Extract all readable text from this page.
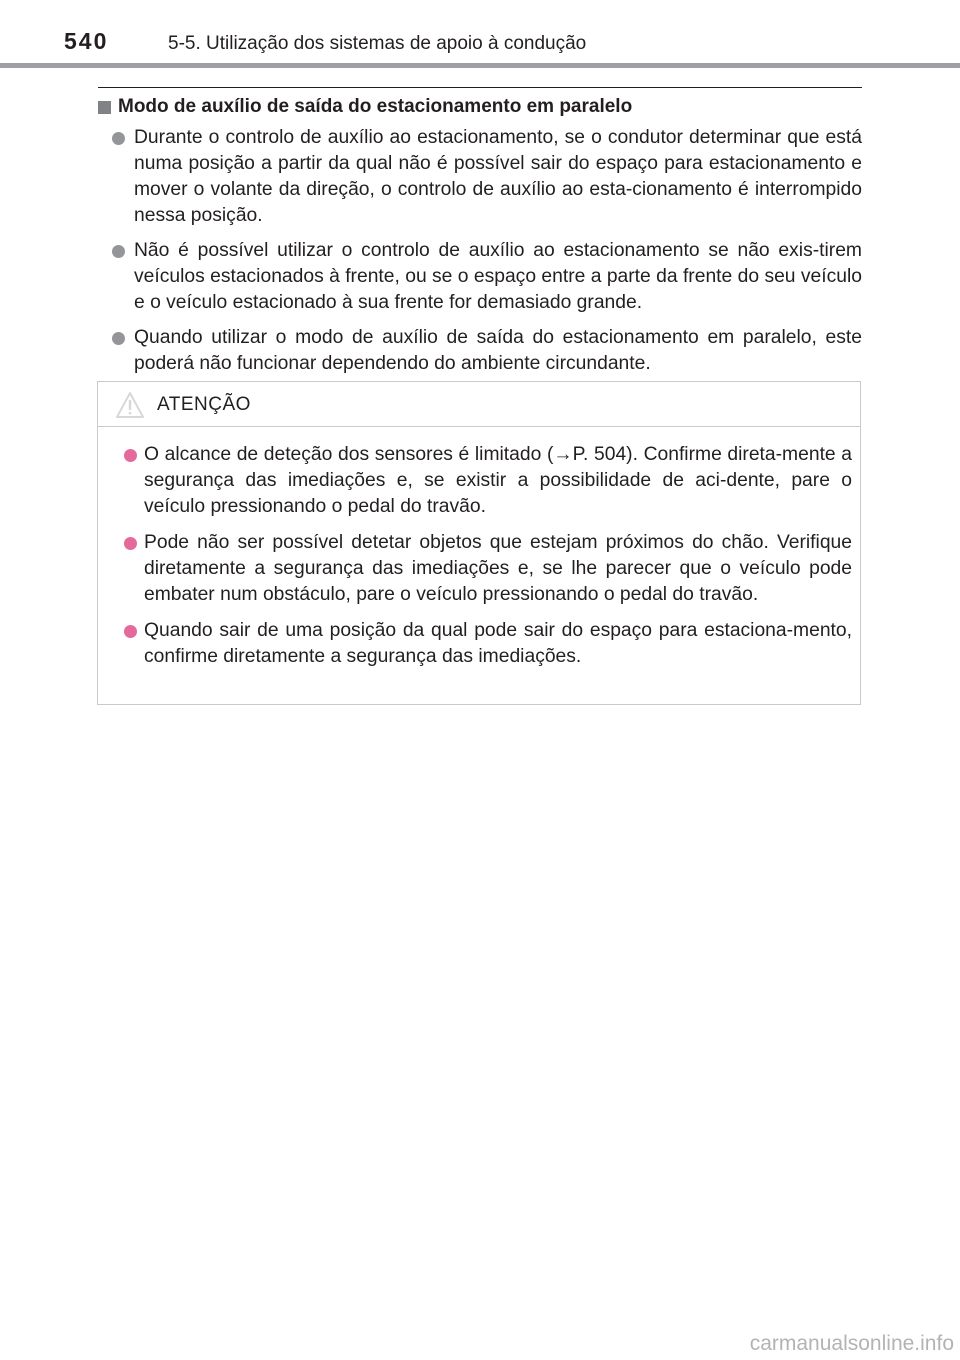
540	5-5. Utilização dos sistemas de apoio à condução
Modo de auxílio de saída do estacionamento em paralelo
Durante o controlo de auxílio ao estacionamento, se o condutor determinar que está numa posição a partir da qual não é possível sair do espaço para estacionamento e mover o volante da direção, o controlo de auxílio ao esta-cionamento é interrompido nessa posição.
Não é possível utilizar o controlo de auxílio ao estacionamento se não exis-tirem veículos estacionados à frente, ou se o espaço entre a parte da frente do seu veículo e o veículo estacionado à sua frente for demasiado grande.
Quando utilizar o modo de auxílio de saída do estacionamento em paralelo, este poderá não funcionar dependendo do ambiente circundante.
ATENÇÃO
O alcance de deteção dos sensores é limitado (→P. 504). Confirme direta-mente a segurança das imediações e, se existir a possibilidade de aci-dente, pare o veículo pressionando o pedal do travão.
Pode não ser possível detetar objetos que estejam próximos do chão. Verifique diretamente a segurança das imediações e, se lhe parecer que o veículo pode embater num obstáculo, pare o veículo pressionando o pedal do travão.
Quando sair de uma posição da qual pode sair do espaço para estaciona-mento, confirme diretamente a segurança das imediações.
carmanualsonline.info
